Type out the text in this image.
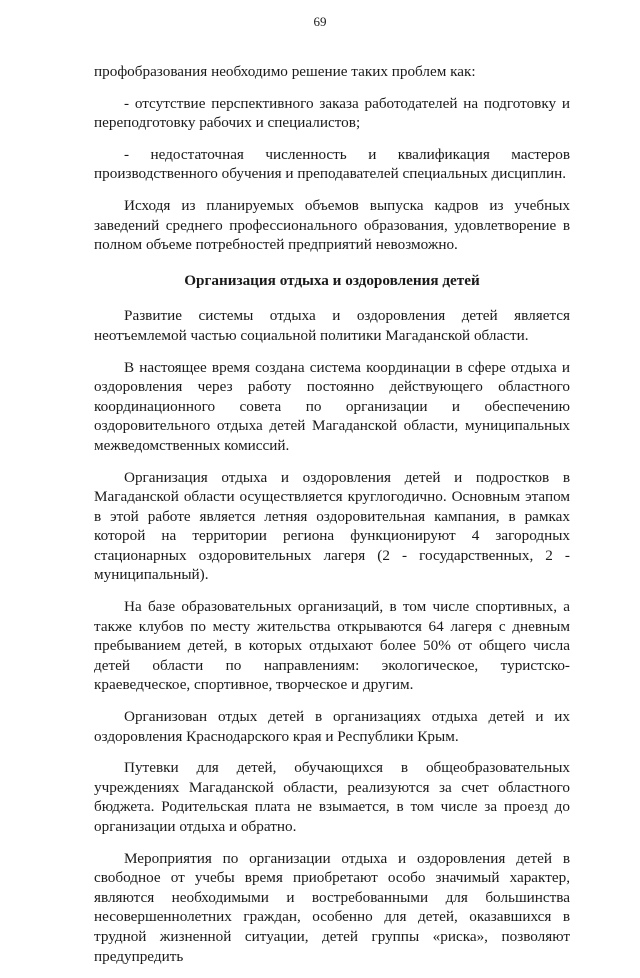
69

профобразования необходимо решение таких проблем как:

- отсутствие перспективного заказа работодателей на подготовку и переподготовку рабочих и специалистов;

- недостаточная численность и квалификация мастеров производственного обучения и преподавателей специальных дисциплин.

Исходя из планируемых объемов выпуска кадров из учебных заведений среднего профессионального образования, удовлетворение в полном объеме потребностей предприятий невозможно.

Организация отдыха и оздоровления детей

Развитие системы отдыха и оздоровления детей является неотъемлемой частью социальной политики Магаданской области.

В настоящее время создана система координации в сфере отдыха и оздоровления через работу постоянно действующего областного координационного совета по организации и обеспечению оздоровительного отдыха детей Магаданской области, муниципальных межведомственных комиссий.

Организация отдыха и оздоровления детей и подростков в Магаданской области осуществляется круглогодично. Основным этапом в этой работе является летняя оздоровительная кампания, в рамках которой на территории региона функционируют 4 загородных стационарных оздоровительных лагеря (2 - государственных, 2 - муниципальный).

На базе образовательных организаций, в том числе спортивных, а также клубов по месту жительства открываются 64 лагеря с дневным пребыванием детей, в которых отдыхают более 50% от общего числа детей области по направлениям: экологическое, туристско-краеведческое, спортивное, творческое и другим.

Организован отдых детей в организациях отдыха детей и их оздоровления Краснодарского края и Республики Крым.

Путевки для детей, обучающихся в общеобразовательных учреждениях Магаданской области, реализуются за счет областного бюджета. Родительская плата не взымается, в том числе за проезд до организации отдыха и обратно.

Мероприятия по организации отдыха и оздоровления детей в свободное от учебы время приобретают особо значимый характер, являются необходимыми и востребованными для большинства несовершеннолетних граждан, особенно для детей, оказавшихся в трудной жизненной ситуации, детей группы «риска», позволяют предупредить
